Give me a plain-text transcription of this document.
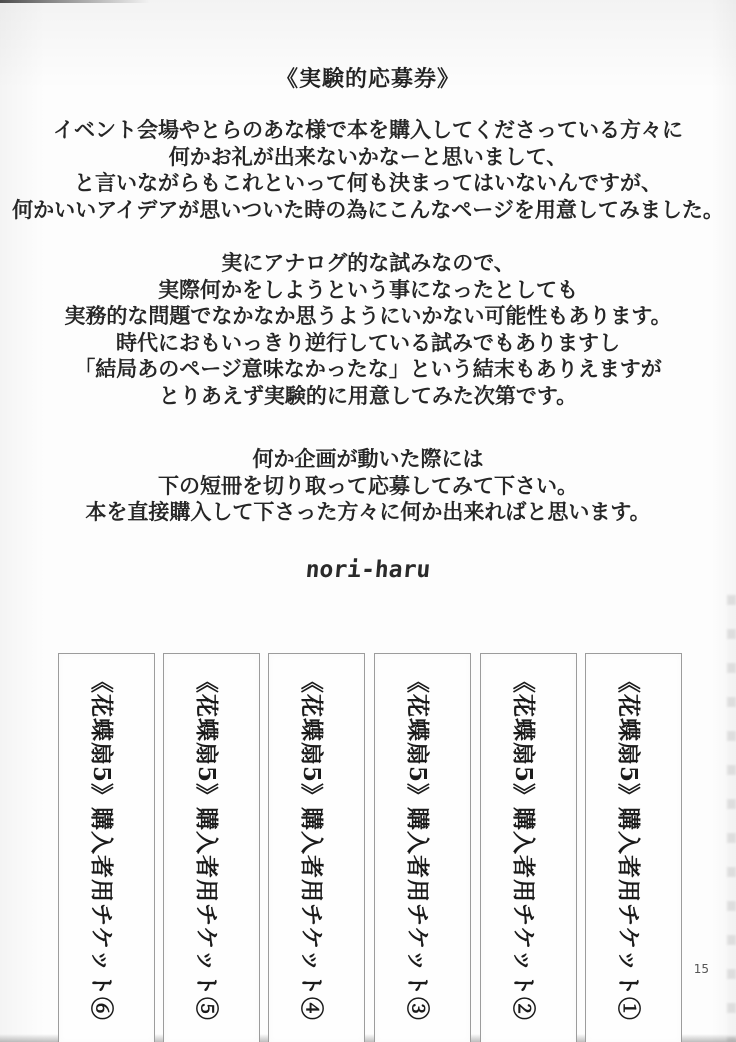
《実験的応募券》
イベント会場やとらのあな様で本を購入してくださっている方々に
何かお礼が出来ないかなーと思いまして、
と言いながらもこれといって何も決まってはいないんですが、
何かいいアイデアが思いついた時の為にこんなページを用意してみました。
実にアナログ的な試みなので、
実際何かをしようという事になったとしても
実務的な問題でなかなか思うようにいかない可能性もあります。
時代におもいっきり逆行している試みでもありますし
「結局あのページ意味なかったな」という結末もありえますが
とりあえず実験的に用意してみた次第です。
何か企画が動いた際には
下の短冊を切り取って応募してみて下さい。
本を直接購入して下さった方々に何か出来ればと思います。
nori-haru
《花蝶扇5》購入者用チケット⑥	《花蝶扇5》購入者用チケット⑤	《花蝶扇5》購入者用チケット④	《花蝶扇5》購入者用チケット③	《花蝶扇5》購入者用チケット②	《花蝶扇5》購入者用チケット①	15
